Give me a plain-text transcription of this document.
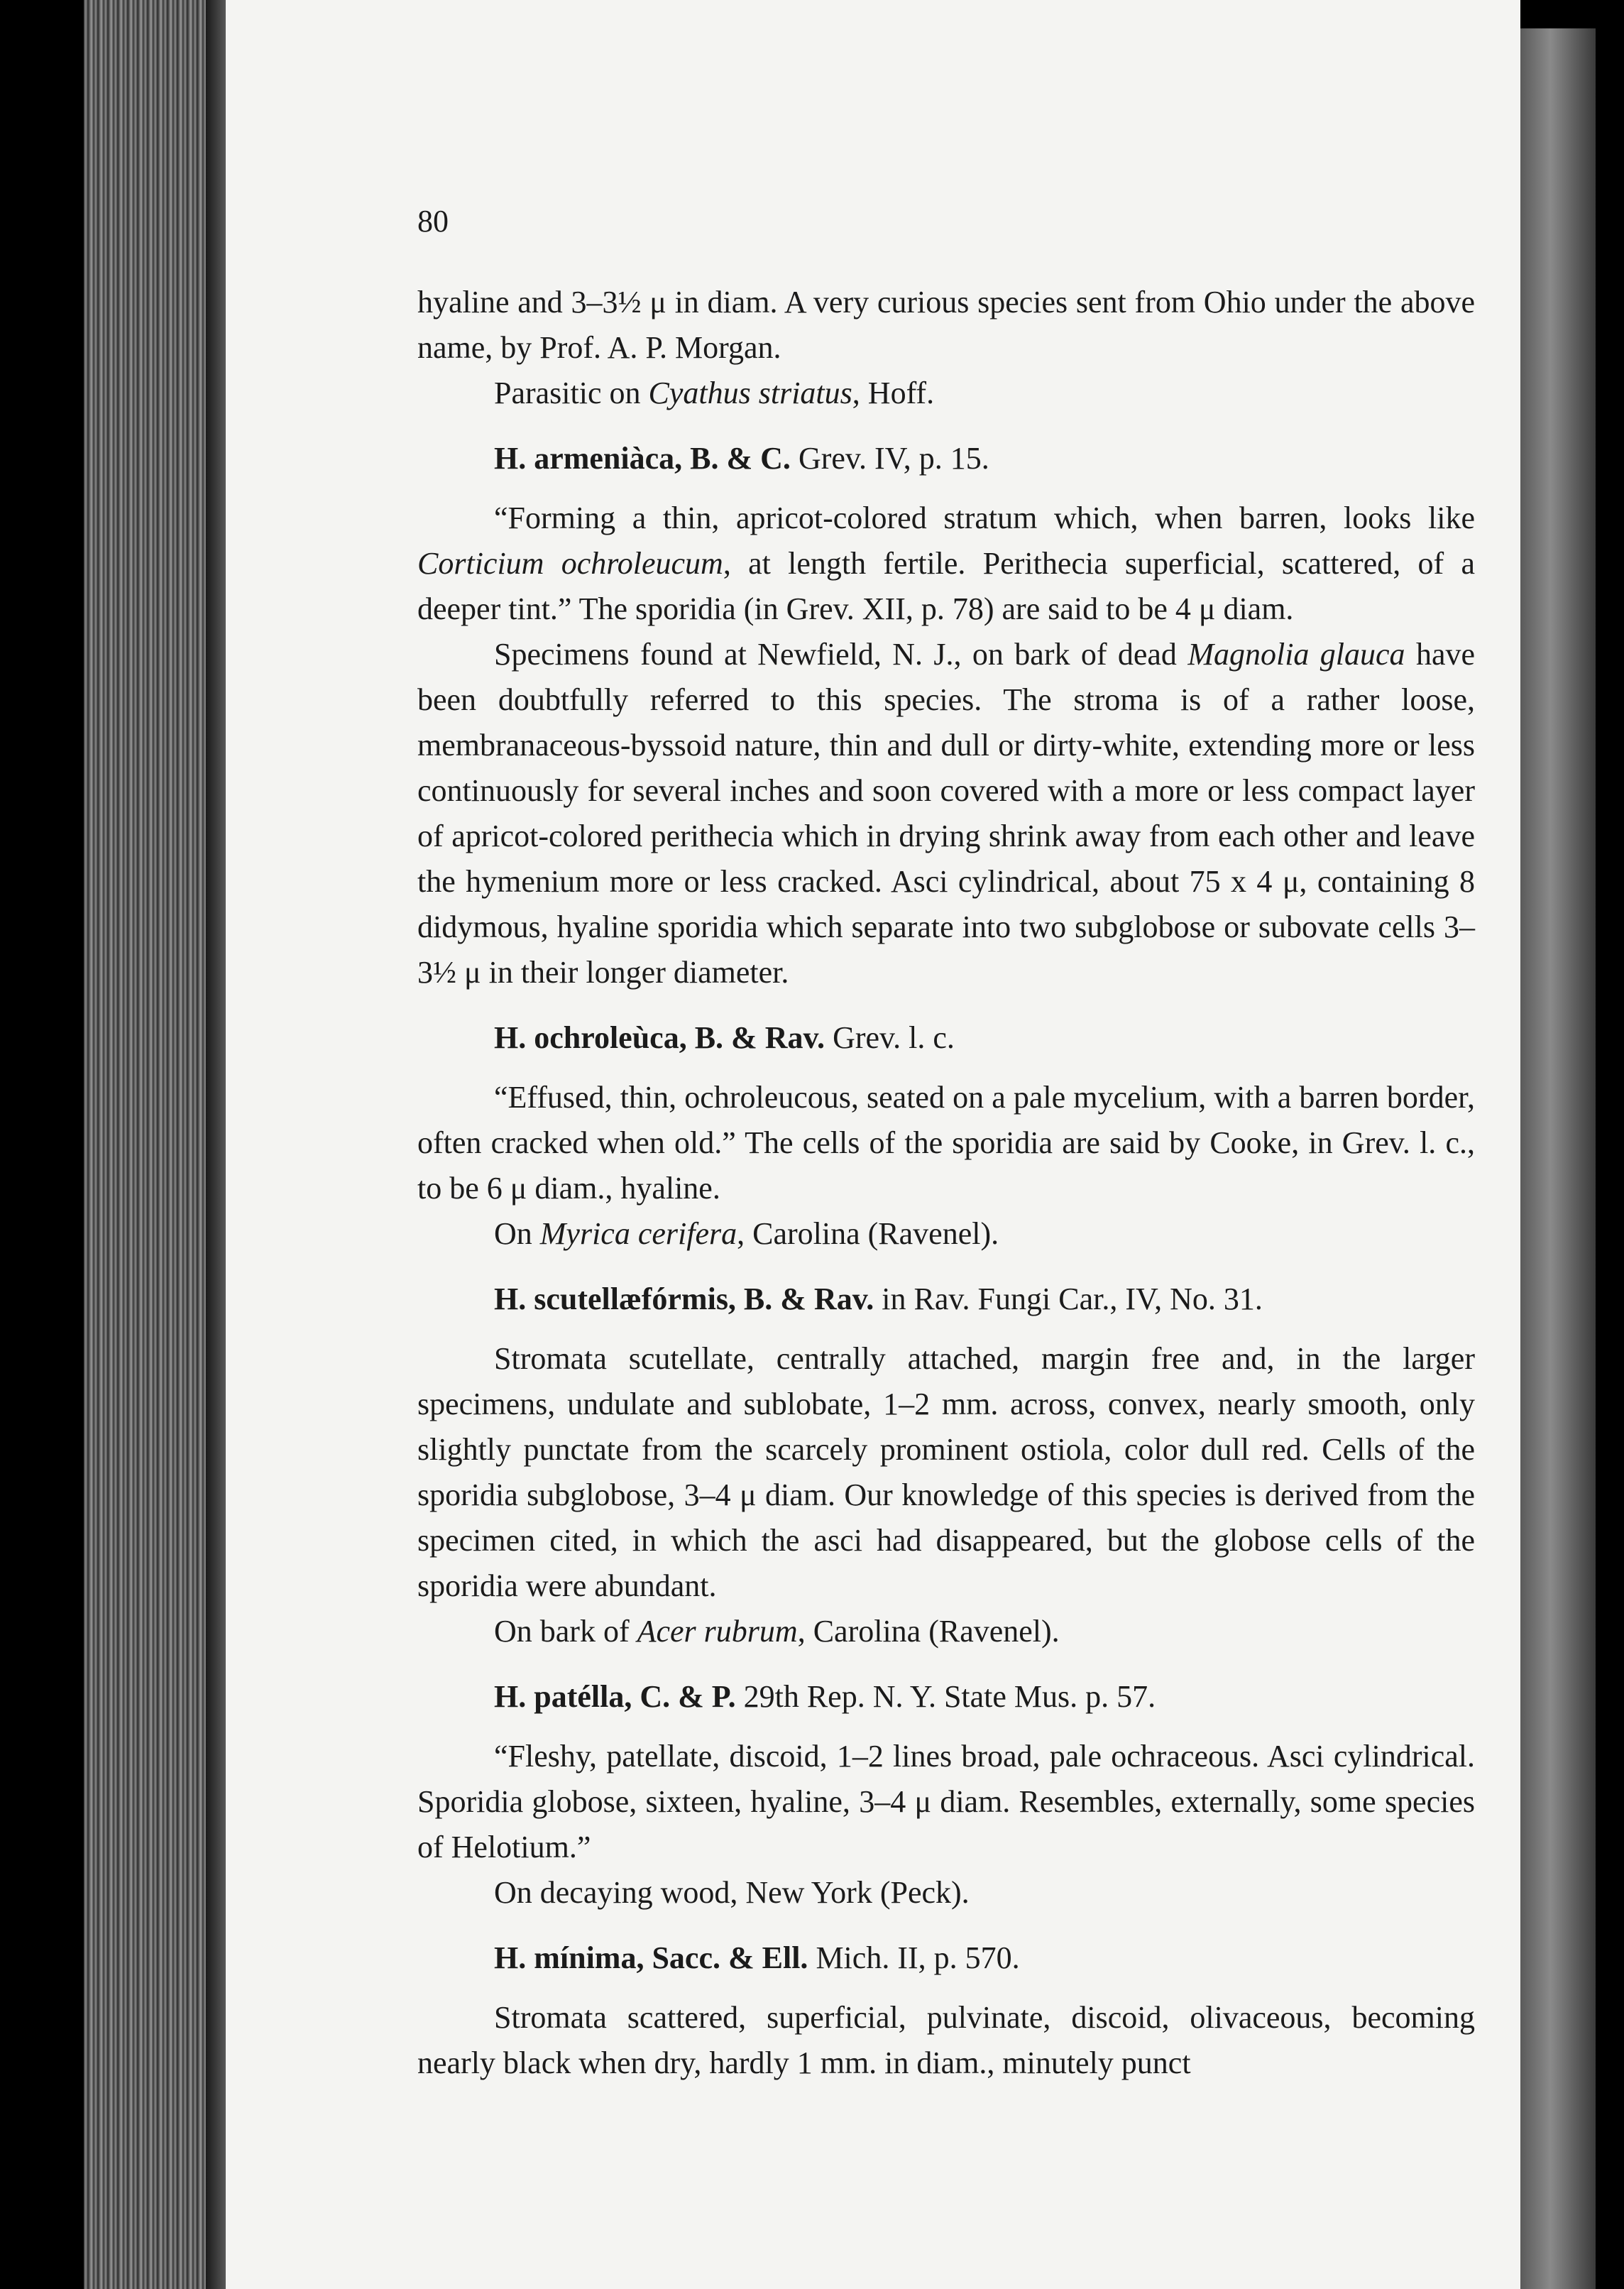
80

hyaline and 3–3½ μ in diam. A very curious species sent from Ohio under the above name, by Prof. A. P. Morgan.

Parasitic on Cyathus striatus, Hoff.

H. armeniàca, B. & C. Grev. IV, p. 15.

“Forming a thin, apricot-colored stratum which, when barren, looks like Corticium ochroleucum, at length fertile. Perithecia superficial, scattered, of a deeper tint.” The sporidia (in Grev. XII, p. 78) are said to be 4 μ diam.

Specimens found at Newfield, N. J., on bark of dead Magnolia glauca have been doubtfully referred to this species. The stroma is of a rather loose, membranaceous-byssoid nature, thin and dull or dirty-white, extending more or less continuously for several inches and soon covered with a more or less compact layer of apricot-colored perithecia which in drying shrink away from each other and leave the hymenium more or less cracked. Asci cylindrical, about 75 x 4 μ, containing 8 didymous, hyaline sporidia which separate into two subglobose or subovate cells 3–3½ μ in their longer diameter.

H. ochroleùca, B. & Rav. Grev. l. c.

“Effused, thin, ochroleucous, seated on a pale mycelium, with a barren border, often cracked when old.” The cells of the sporidia are said by Cooke, in Grev. l. c., to be 6 μ diam., hyaline.

On Myrica cerifera, Carolina (Ravenel).

H. scutellæfórmis, B. & Rav. in Rav. Fungi Car., IV, No. 31.

Stromata scutellate, centrally attached, margin free and, in the larger specimens, undulate and sublobate, 1–2 mm. across, convex, nearly smooth, only slightly punctate from the scarcely prominent ostiola, color dull red. Cells of the sporidia subglobose, 3–4 μ diam. Our knowledge of this species is derived from the specimen cited, in which the asci had disappeared, but the globose cells of the sporidia were abundant.

On bark of Acer rubrum, Carolina (Ravenel).

H. patélla, C. & P. 29th Rep. N. Y. State Mus. p. 57.

“Fleshy, patellate, discoid, 1–2 lines broad, pale ochraceous. Asci cylindrical. Sporidia globose, sixteen, hyaline, 3–4 μ diam. Resembles, externally, some species of Helotium.”

On decaying wood, New York (Peck).

H. mínima, Sacc. & Ell. Mich. II, p. 570.

Stromata scattered, superficial, pulvinate, discoid, olivaceous, becoming nearly black when dry, hardly 1 mm. in diam., minutely punct
